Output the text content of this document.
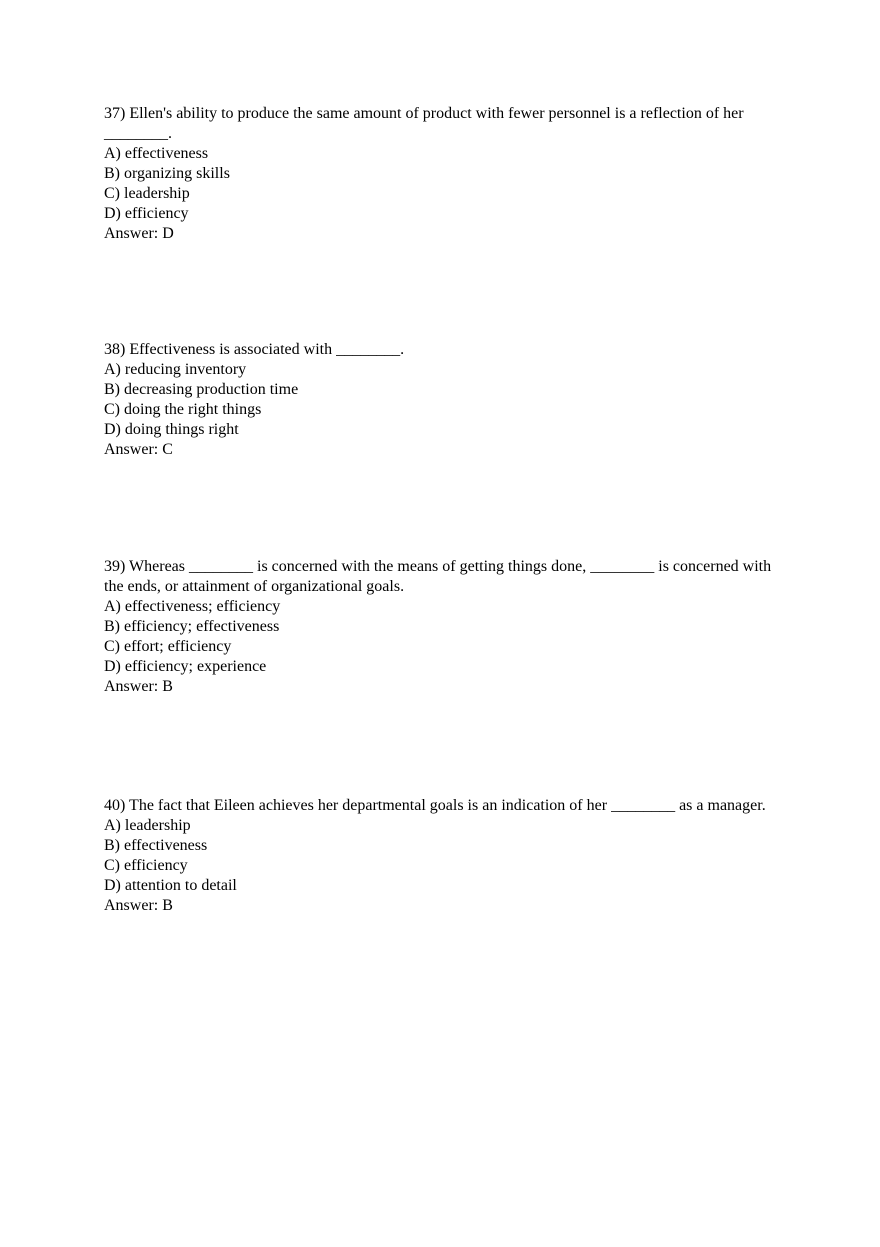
37) Ellen's ability to produce the same amount of product with fewer personnel is a reflection of her ________.
A) effectiveness
B) organizing skills
C) leadership
D) efficiency
Answer: D
38) Effectiveness is associated with ________.
A) reducing inventory
B) decreasing production time
C) doing the right things
D) doing things right
Answer: C
39) Whereas ________ is concerned with the means of getting things done, ________ is concerned with the ends, or attainment of organizational goals.
A) effectiveness; efficiency
B) efficiency; effectiveness
C) effort; efficiency
D) efficiency; experience
Answer: B
40) The fact that Eileen achieves her departmental goals is an indication of her ________ as a manager.
A) leadership
B) effectiveness
C) efficiency
D) attention to detail
Answer: B
